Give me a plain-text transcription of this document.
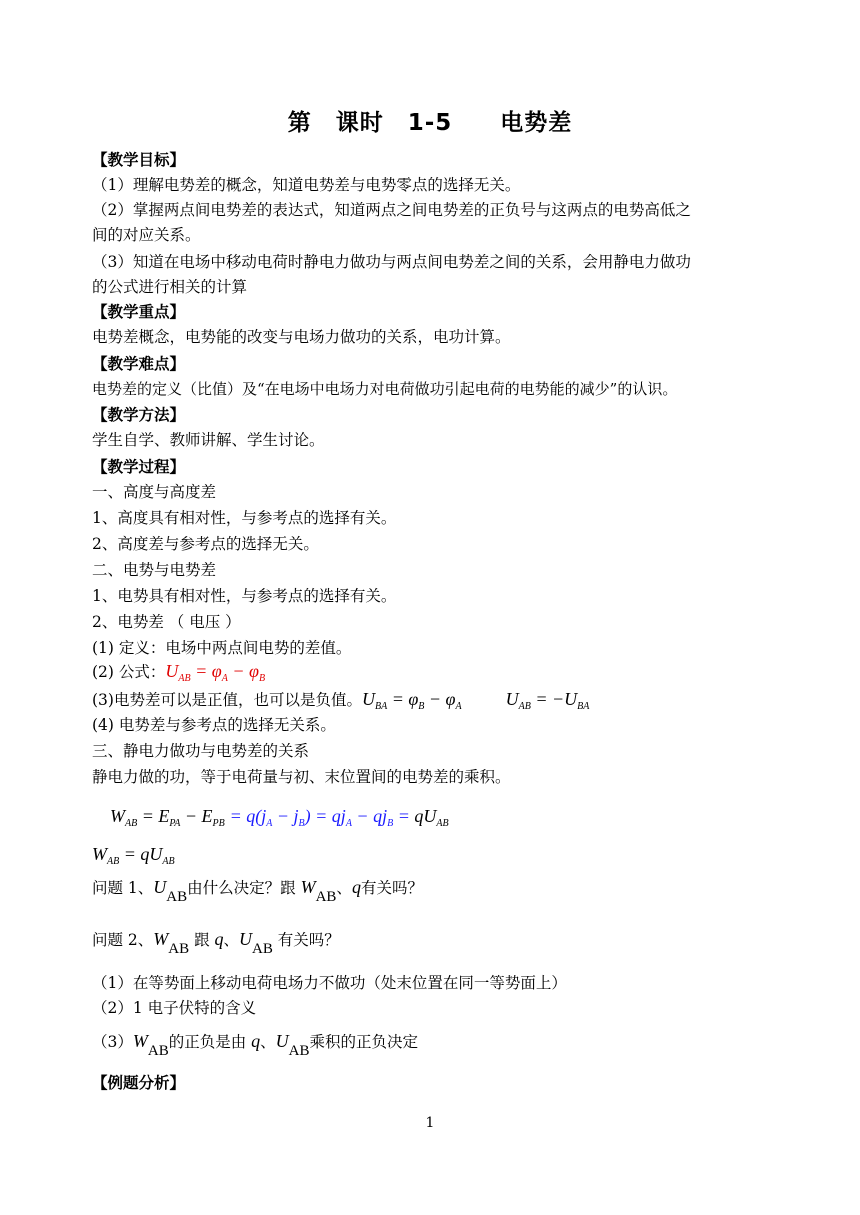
第　课时　1-5　　电势差
【教学目标】
（1）理解电势差的概念，知道电势差与电势零点的选择无关。
（2）掌握两点间电势差的表达式，知道两点之间电势差的正负号与这两点的电势高低之
间的对应关系。
（3）知道在电场中移动电荷时静电力做功与两点间电势差之间的关系，会用静电力做功
的公式进行相关的计算
【教学重点】
电势差概念，电势能的改变与电场力做功的关系，电功计算。
【教学难点】
电势差的定义（比值）及“在电场中电场力对电荷做功引起电荷的电势能的减少”的认识。
【教学方法】
学生自学、教师讲解、学生讨论。
【教学过程】
一、高度与高度差
1、高度具有相对性，与参考点的选择有关。
2、高度差与参考点的选择无关。
二、电势与电势差
1、电势具有相对性，与参考点的选择有关。
2、电势差 （ 电压 ）
(1) 定义：电场中两点间电势的差值。
(2) 公式：$U_{AB} = \varphi_A - \varphi_B$
(3)电势差可以是正值，也可以是负值。$U_{BA} = \varphi_B - \varphi_A$ $U_{AB} = -U_{BA}$
(4) 电势差与参考点的选择无关系。
三、静电力做功与电势差的关系
静电力做的功，等于电荷量与初、末位置间的电势差的乘积。
$W_{AB} = E_{PA} - E_{PB} = q(j_A - j_B) = qj_A - qj_B = qU_{AB}$
$W_{AB} = qU_{AB}$
问题 1、$U_{AB}$由什么决定？跟 $W_{AB}$、q有关吗？
问题 2、$W_{AB}$ 跟 q、$U_{AB}$ 有关吗？
（1）在等势面上移动电荷电场力不做功（处末位置在同一等势面上）
（2）1 电子伏特的含义
$(3)W_{AB}$的正负是由 q、$U_{AB}$乘积的正负决定
【例题分析】
1
